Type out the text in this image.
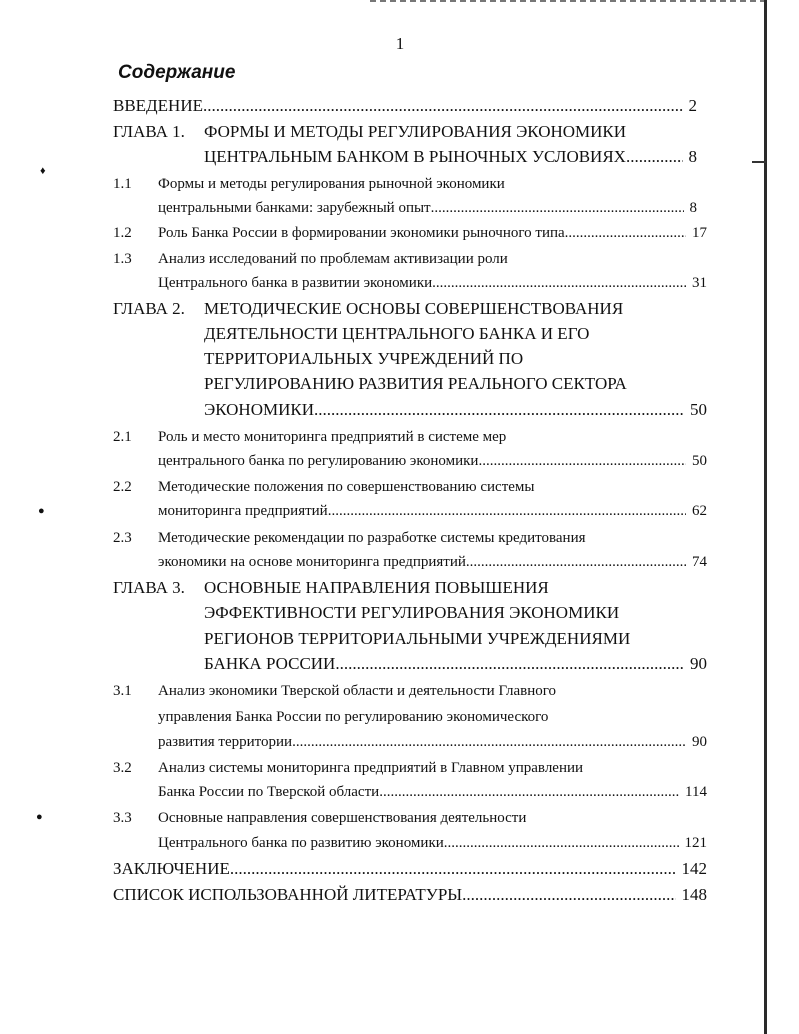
♦
●
●
1
Содержание
ВВЕДЕНИЕ .....	2
ГЛАВА 1. ФОРМЫ И МЕТОДЫ РЕГУЛИРОВАНИЯ ЭКОНОМИКИ
ЦЕНТРАЛЬНЫМ БАНКОМ В РЫНОЧНЫХ УСЛОВИЯХ .....	8
1.1 Формы и методы регулирования рыночной экономики
центральными банками: зарубежный опыт .....	8
1.2 Роль Банка России в формировании экономики рыночного типа .....	17
1.3 Анализ исследований по проблемам активизации роли
Центрального банка в развитии экономики .....	31
ГЛАВА 2. МЕТОДИЧЕСКИЕ ОСНОВЫ СОВЕРШЕНСТВОВАНИЯ
ДЕЯТЕЛЬНОСТИ ЦЕНТРАЛЬНОГО БАНКА И ЕГО
ТЕРРИТОРИАЛЬНЫХ УЧРЕЖДЕНИЙ ПО
РЕГУЛИРОВАНИЮ РАЗВИТИЯ РЕАЛЬНОГО СЕКТОРА
ЭКОНОМИКИ .....	50
2.1 Роль и место мониторинга предприятий в системе мер
центрального банка по регулированию экономики .....	50
2.2 Методические положения по совершенствованию системы
мониторинга предприятий .....	62
2.3 Методические рекомендации по разработке системы кредитования
экономики на основе мониторинга предприятий .....	74
ГЛАВА 3. ОСНОВНЫЕ НАПРАВЛЕНИЯ ПОВЫШЕНИЯ
ЭФФЕКТИВНОСТИ РЕГУЛИРОВАНИЯ ЭКОНОМИКИ
РЕГИОНОВ ТЕРРИТОРИАЛЬНЫМИ УЧРЕЖДЕНИЯМИ
БАНКА РОССИИ .....	90
3.1 Анализ экономики Тверской области и деятельности Главного
управления Банка России по регулированию экономического
развития территории .....	90
3.2 Анализ системы мониторинга предприятий в Главном управлении
Банка России по Тверской области .....	114
3.3 Основные направления совершенствования деятельности
Центрального банка по развитию экономики .....	121
ЗАКЛЮЧЕНИЕ .....	142
СПИСОК ИСПОЛЬЗОВАННОЙ ЛИТЕРАТУРЫ .....	148
